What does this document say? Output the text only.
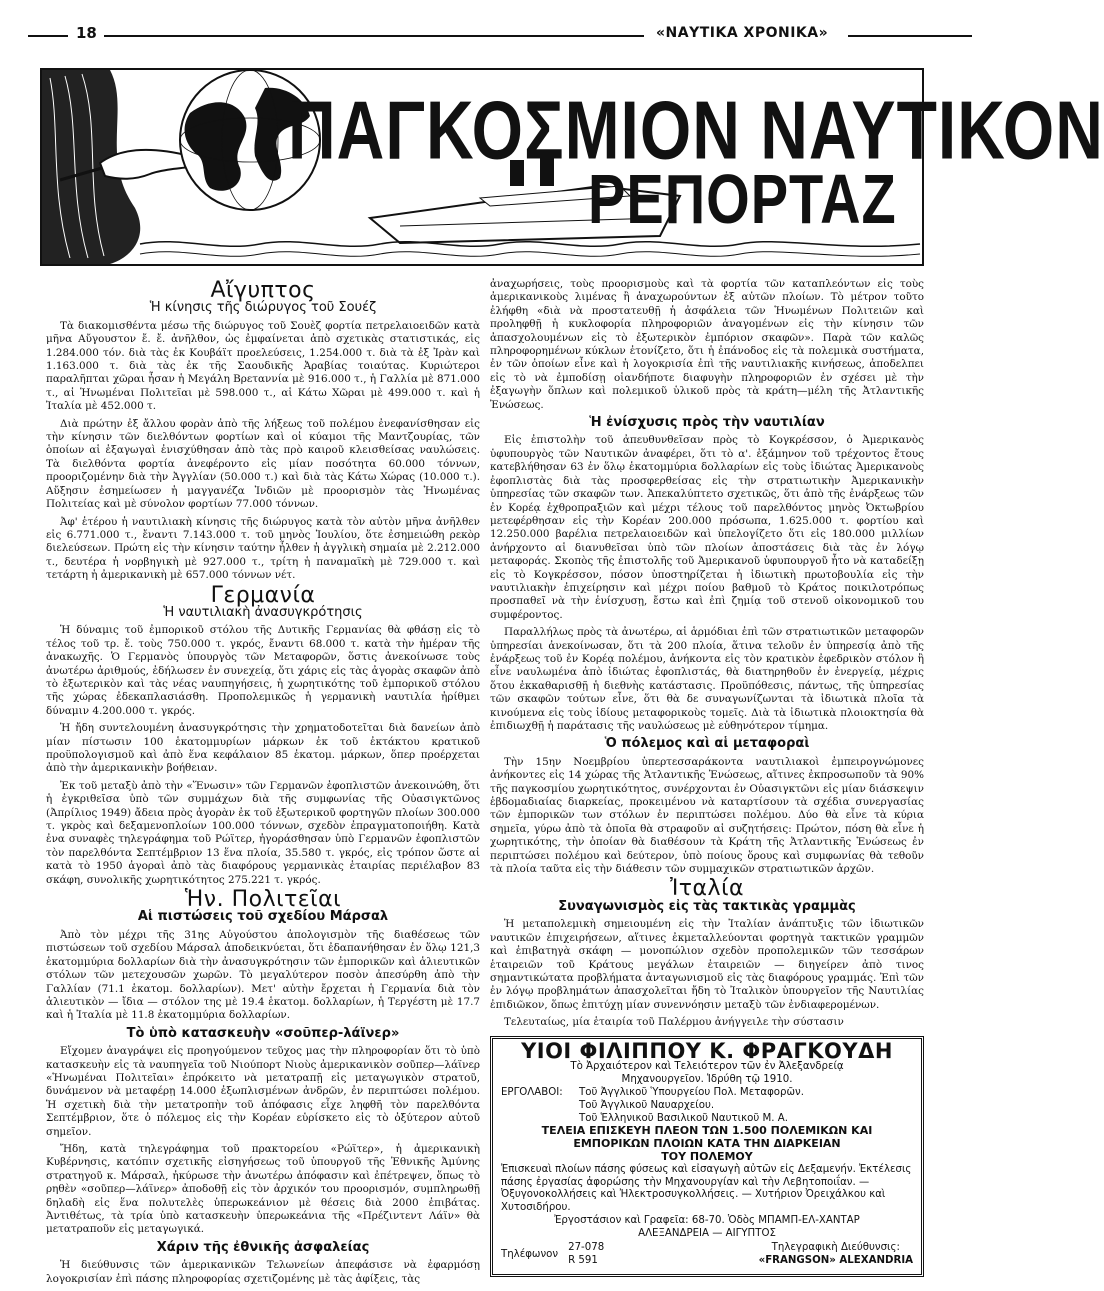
18	«ΝΑΥΤΙΚΑ ΧΡΟΝΙΚΑ»
ΠΑΓΚΟΣΜΙΟΝ ΝΑΥΤΙΚΟΝ
ΡΕΠΟΡΤΑΖ
Αἴγυπτος
Ἡ κίνησις τῆς διώρυγος τοῦ Σουέζ

Τὰ διακομισθέντα μέσω τῆς διώρυγος τοῦ Σουὲζ φορτία πετρελαιοειδῶν κατὰ μῆνα Αὔγουστον ἔ. ἔ. ἀνῆλθον, ὡς ἐμφαίνεται ἀπὸ σχετικὰς στατιστικάς, εἰς 1.284.000 τόν. διὰ τὰς ἐκ Κουβάϊτ προελεύσεις, 1.254.000 τ. διὰ τὰ ἐξ Ἰρὰν καὶ 1.163.000 τ. διὰ τὰς ἐκ τῆς Σαουδικῆς Ἀραβίας τοιαύτας. Κυριώτεροι παραλῆπται χῶραι ἦσαν ἡ Μεγάλη Βρεταννία μὲ 916.000 τ., ἡ Γαλλία μὲ 871.000 τ., αἱ Ἡνωμέναι Πολιτεῖαι μὲ 598.000 τ., αἱ Κάτω Χῶραι μὲ 499.000 τ. καὶ ἡ Ἰταλία μὲ 452.000 τ.

Διὰ πρώτην ἐξ ἄλλου φορὰν ἀπὸ τῆς λήξεως τοῦ πολέμου ἐνεφανίσθησαν εἰς τὴν κίνησιν τῶν διελθόντων φορτίων καὶ οἱ κύαμοι τῆς Μαντζουρίας, τῶν ὁποίων αἱ ἐξαγωγαὶ ἐνισχύθησαν ἀπὸ τὰς πρὸ καιροῦ κλεισθείσας ναυλώσεις. Τὰ διελθόντα φορτία ἀνεφέροντο εἰς μίαν ποσότητα 60.000 τόννων, προοριζομένην διὰ τὴν Ἀγγλίαν (50.000 τ.) καὶ διὰ τὰς Κάτω Χώρας (10.000 τ.). Αὔξησιν ἐσημείωσεν ἡ μαγγανέζα Ἰνδιῶν μὲ προορισμὸν τὰς Ἡνωμένας Πολιτείας καὶ μὲ σύνολον φορτίων 77.000 τόννων.

Ἀφ' ἑτέρου ἡ ναυτιλιακὴ κίνησις τῆς διώρυγος κατὰ τὸν αὐτὸν μῆνα ἀνῆλθεν εἰς 6.771.000 τ., ἔναντι 7.143.000 τ. τοῦ μηνὸς Ἰουλίου, ὅτε ἐσημειώθη ρεκὸρ διελεύσεων. Πρώτη εἰς τὴν κίνησιν ταύτην ἦλθεν ἡ ἀγγλικὴ σημαία μὲ 2.212.000 τ., δευτέρα ἡ νορβηγικὴ μὲ 927.000 τ., τρίτη ἡ παναμαϊκὴ μὲ 729.000 τ. καὶ τετάρτη ἡ ἀμερικανικὴ μὲ 657.000 τόννων νέτ.

Γερμανία
Ἡ ναυτιλιακὴ ἀνασυγκρότησις

Ἡ δύναμις τοῦ ἐμπορικοῦ στόλου τῆς Δυτικῆς Γερμανίας θὰ φθάσῃ εἰς τὸ τέλος τοῦ τρ. ἔ. τοὺς 750.000 τ. γκρός, ἔναντι 68.000 τ. κατὰ τὴν ἡμέραν τῆς ἀνακωχῆς. Ὁ Γερμανὸς ὑπουργὸς τῶν Μεταφορῶν, ὅστις ἀνεκοίνωσε τοὺς ἀνωτέρω ἀριθμούς, ἐδήλωσεν ἐν συνεχείᾳ, ὅτι χάρις εἰς τὰς ἀγορὰς σκαφῶν ἀπὸ τὸ ἐξωτερικὸν καὶ τὰς νέας ναυπηγήσεις, ἡ χωρητικότης τοῦ ἐμπορικοῦ στόλου τῆς χώρας ἐδεκαπλασιάσθη. Προπολεμικῶς ἡ γερμανικὴ ναυτιλία ἠρίθμει δύναμιν 4.200.000 τ. γκρός.

Ἡ ἤδη συντελουμένη ἀνασυγκρότησις τὴν χρηματοδοτεῖται διὰ δανείων ἀπὸ μίαν πίστωσιν 100 ἑκατομμυρίων μάρκων ἐκ τοῦ ἐκτάκτου κρατικοῦ προϋπολογισμοῦ καὶ ἀπὸ ἕνα κεφάλαιον 85 ἑκατομ. μάρκων, ὅπερ προέρχεται ἀπὸ τὴν ἀμερικανικὴν βοήθειαν.

Ἐκ τοῦ μεταξὺ ἀπὸ τὴν «Ἕνωσιν» τῶν Γερμανῶν ἐφοπλιστῶν ἀνεκοινώθη, ὅτι ἡ ἐγκριθεῖσα ὑπὸ τῶν συμμάχων διὰ τῆς συμφωνίας τῆς Οὐασιγκτῶνος (Ἀπρίλιος 1949) ἄδεια πρὸς ἀγορὰν ἐκ τοῦ ἐξωτερικοῦ φορτηγῶν πλοίων 300.000 τ. γκρὸς καὶ δεξαμενοπλοίων 100.000 τόννων, σχεδὸν ἐπραγματοποιήθη. Κατὰ ἐνα συναφὲς τηλεγράφημα τοῦ Ρώϊτερ, ἠγοράσθησαν ὑπὸ Γερμανῶν ἐφοπλιστῶν τὸν παρελθόντα Σεπτέμβριον 13 ἕνα πλοία, 35.580 τ. γκρός, εἰς τρόπον ὥστε αἱ κατὰ τὸ 1950 ἀγοραὶ ἀπὸ τὰς διαφόρους γερμανικὰς ἑταιρίας περιέλαβον 83 σκάφη, συνολικῆς χωρητικότητος 275.221 τ. γκρός.

Ἡν. Πολιτεῖαι
Αἱ πιστώσεις τοῦ σχεδίου Μάρσαλ

Ἀπὸ τὸν μέχρι τῆς 31ης Αὐγούστου ἀπολογισμὸν τῆς διαθέσεως τῶν πιστώσεων τοῦ σχεδίου Μάρσαλ ἀποδεικνύεται, ὅτι ἐδαπανήθησαν ἐν ὅλῳ 121,3 ἑκατομμύρια δολλαρίων διὰ τὴν ἀνασυγκρότησιν τῶν ἐμπορικῶν καὶ ἁλιευτικῶν στόλων τῶν μετεχουσῶν χωρῶν. Τὸ μεγαλύτερον ποσὸν ἀπεσύρθη ἀπὸ τὴν Γαλλίαν (71.1 ἑκατομ. δολλαρίων). Μετ' αὐτὴν ἔρχεται ἡ Γερμανία διὰ τὸν ἁλιευτικὸν — ἴδια — στόλον της μὲ 19.4 ἑκατομ. δολλαρίων, ἡ Τεργέστη μὲ 17.7 καὶ ἡ Ἰταλία μὲ 11.8 ἑκατομμύρια δολλαρίων.

Τὸ ὑπὸ κατασκευὴν «σοῦπερ-λάϊνερ»

Εἴχομεν ἀναγράψει εἰς προηγούμενον τεῦχος μας τὴν πληροφορίαν ὅτι τὸ ὑπὸ κατασκευὴν εἰς τὰ ναυπηγεῖα τοῦ Νιούπορτ Νιοὺς ἀμερικανικὸν σοῦπερ—λάϊνερ «Ἡνωμέναι Πολιτεῖαι» ἐπρόκειτο νὰ μετατραπῇ εἰς μεταγωγικὸν στρατοῦ, δυνάμενον νὰ μεταφέρῃ 14.000 ἐξωπλισμένων ἀνδρῶν, ἐν περιπτώσει πολέμου. Ἡ σχετικὴ διὰ τὴν μετατροπὴν τοῦ ἀπόφασις εἶχε ληφθῆ τὸν παρελθόντα Σεπτέμβριον, ὅτε ὁ πόλεμος εἰς τὴν Κορέαν εὑρίσκετο εἰς τὸ ὀξύτερον αὐτοῦ σημεῖον.

Ἤδη, κατὰ τηλεγράφημα τοῦ πρακτορείου «Ρώϊτερ», ἡ ἀμερικανικὴ Κυβέρνησις, κατόπιν σχετικῆς εἰσηγήσεως τοῦ ὑπουργοῦ τῆς Ἐθνικῆς Ἀμύνης στρατηγοῦ κ. Μάρσαλ, ἠκύρωσε τὴν ἀνωτέρω ἀπόφασιν καὶ ἐπέτρεψεν, ὅπως τὸ ρηθὲν «σοῦπερ—λάϊνερ» ἀποδοθῇ εἰς τὸν ἀρχικόν του προορισμόν, συμπληρωθῇ δηλαδὴ εἰς ἕνα πολυτελὲς ὑπερωκεάνιον μὲ θέσεις διὰ 2000 ἐπιβάτας. Ἀντιθέτως, τὰ τρία ὑπὸ κατασκευὴν ὑπερωκεάνια τῆς «Πρέζιντεντ Λάϊν» θὰ μετατραποῦν εἰς μεταγωγικά.

Χάριν τῆς ἐθνικῆς ἀσφαλείας

Ἡ διεύθυνσις τῶν ἀμερικανικῶν Τελωνείων ἀπεφάσισε νὰ ἐφαρμόσῃ λογοκρισίαν ἐπὶ πάσης πληροφορίας σχετιζομένης μὲ τὰς ἀφίξεις, τὰς

ἀναχωρήσεις, τοὺς προορισμοὺς καὶ τὰ φορτία τῶν καταπλεόντων εἰς τοὺς ἀμερικανικοὺς λιμένας ἢ ἀναχωρούντων ἐξ αὐτῶν πλοίων. Τὸ μέτρον τοῦτο ἐλήφθη «διὰ νὰ προστατευθῇ ἡ ἀσφάλεια τῶν Ἡνωμένων Πολιτειῶν καὶ προληφθῇ ἡ κυκλοφορία πληροφοριῶν ἀναγομένων εἰς τὴν κίνησιν τῶν ἀπασχολουμένων εἰς τὸ ἐξωτερικὸν ἐμπόριον σκαφῶν». Παρὰ τῶν καλῶς πληροφορημένων κύκλων ἐτονίζετο, ὅτι ἡ ἐπάνοδος εἰς τὰ πολεμικὰ συστήματα, ἐν τῶν ὁποίων εἶνε καὶ ἡ λογοκρισία ἐπὶ τῆς ναυτιλιακῆς κινήσεως, ἀποδελπει εἰς τὸ νὰ ἐμποδίσῃ οἱανδήποτε διαφυγὴν πληροφοριῶν ἐν σχέσει μὲ τὴν ἐξαγωγὴν ὅπλων καὶ πολεμικοῦ ὑλικοῦ πρὸς τὰ κράτη—μέλη τῆς Ἀτλαντικῆς Ἐνώσεως.

Ἡ ἐνίσχυσις πρὸς τὴν ναυτιλίαν

Εἰς ἐπιστολὴν τοῦ ἀπευθυνθεῖσαν πρὸς τὸ Κογκρέσσον, ὁ Ἀμερικανὸς ὑφυπουργὸς τῶν Ναυτικῶν ἀναφέρει, ὅτι τὸ α'. ἑξάμηνον τοῦ τρέχοντος ἔτους κατεβλήθησαν 63 ἐν ὅλῳ ἑκατομμύρια δολλαρίων εἰς τοὺς ἰδιώτας Ἀμερικανοὺς ἐφοπλιστὰς διὰ τὰς προσφερθείσας εἰς τὴν στρατιωτικὴν Ἀμερικανικὴν ὑπηρεσίας τῶν σκαφῶν των. Ἀπεκαλύπτετο σχετικῶς, ὅτι ἀπὸ τῆς ἐνάρξεως τῶν ἐν Κορέᾳ ἐχθροπραξιῶν καὶ μέχρι τέλους τοῦ παρελθόντος μηνὸς Ὀκτωβρίου μετεφέρθησαν εἰς τὴν Κορέαν 200.000 πρόσωπα, 1.625.000 τ. φορτίου καὶ 12.250.000 βαρέλια πετρελαιοειδῶν καὶ ὑπελογίζετο ὅτι εἰς 180.000 μιλλίων ἀνήρχοντο αἱ διανυθεῖσαι ὑπὸ τῶν πλοίων ἀποστάσεις διὰ τὰς ἐν λόγῳ μεταφοράς. Σκοπὸς τῆς ἐπιστολῆς τοῦ Ἀμερικανοῦ ὑφυπουργοῦ ἦτο νὰ καταδείξῃ εἰς τὸ Κογκρέσσον, πόσον ὑποστηρίζεται ἡ ἰδιωτικὴ πρωτοβουλία εἰς τὴν ναυτιλιακὴν ἐπιχείρησιν καὶ μέχρι ποίου βαθμοῦ τὸ Κράτος ποικιλοτρόπως προσπαθεῖ νὰ τὴν ἐνίσχυσῃ, ἔστω καὶ ἐπὶ ζημίᾳ τοῦ στενοῦ οἰκονομικοῦ του συμφέροντος.

Παραλλήλως πρὸς τὰ ἀνωτέρω, αἱ ἁρμόδιαι ἐπὶ τῶν στρατιωτικῶν μεταφορῶν ὑπηρεσίαι ἀνεκοίνωσαν, ὅτι τὰ 200 πλοία, ἅτινα τελοῦν ἐν ὑπηρεσίᾳ ἀπὸ τῆς ἐνάρξεως τοῦ ἐν Κορέᾳ πολέμου, ἀνήκοντα εἰς τὸν κρατικὸν ἐφεδρικὸν στόλον ἢ εἶνε ναυλωμένα ἀπὸ ἰδιώτας ἐφοπλιστάς, θὰ διατηρηθοῦν ἐν ἐνεργείᾳ, μέχρις ὅτου ἐκκαθαρισθῇ ἡ διεθνὴς κατάστασις. Προϋπόθεσις, πάντως, τῆς ὑπηρεσίας τῶν σκαφῶν τούτων εἶνε, ὅτι θὰ δε συναγωνίζωνται τὰ ἰδιωτικὰ πλοῖα τὰ κινούμενα εἰς τοὺς ἰδίους μεταφορικοὺς τομεῖς. Διὰ τὰ ἰδιωτικὰ πλοιοκτησία θὰ ἐπιδιωχθῇ ἡ παράτασις τῆς ναυλώσεως μὲ εὐθηνότερον τίμημα.

Ὁ πόλεμος καὶ αἱ μεταφοραὶ

Τὴν 15ην Νοεμβρίου ὑπερτεσσαράκοντα ναυτιλιακοὶ ἐμπειρογνώμονες ἀνήκοντες εἰς 14 χώρας τῆς Ἀτλαντικῆς Ἐνώσεως, αἵτινες ἐκπροσωποῦν τὰ 90% τῆς παγκοσμίου χωρητικότητος, συνέρχονται ἐν Οὐασιγκτῶνι εἰς μίαν διάσκεψιν ἑβδομαδιαίας διαρκείας, προκειμένου νὰ καταρτίσουν τὰ σχέδια συνεργασίας τῶν ἐμπορικῶν των στόλων ἐν περιπτώσει πολέμου. Δύο θὰ εἶνε τὰ κύρια σημεῖα, γύρω ἀπὸ τὰ ὁποῖα θὰ στραφοῦν αἱ συζητήσεις: Πρώτον, πόση θὰ εἶνε ἡ χωρητικότης, τὴν ὁποίαν θὰ διαθέσουν τὰ Κράτη τῆς Ἀτλαντικῆς Ἑνώσεως ἐν περιπτώσει πολέμου καὶ δεύτερον, ὑπὸ ποίους ὅρους καὶ συμφωνίας θὰ τεθοῦν τὰ πλοία ταῦτα εἰς τὴν διάθεσιν τῶν συμμαχικῶν στρατιωτικῶν ἀρχῶν.

Ἰταλία
Συναγωνισμὸς εἰς τὰς τακτικὰς γραμμὰς

Ἡ μεταπολεμικὴ σημειουμένη εἰς τὴν Ἰταλίαν ἀνάπτυξις τῶν ἰδιωτικῶν ναυτικῶν ἐπιχειρήσεων, αἵτινες ἐκμεταλλεύονται φορτηγὰ τακτικῶν γραμμῶν καὶ ἐπιβατηγὰ σκάφη — μονοπώλιον σχεδὸν προπολεμικῶν τῶν τεσσάρων ἑταιρειῶν τοῦ Κράτους μεγάλων ἑταιρειῶν — διηγείρεν ἀπὸ τινος σημαντικώτατα προβλήματα ἀνταγωνισμοῦ εἰς τὰς διαφόρους γραμμάς. Ἐπὶ τῶν ἐν λόγῳ προβλημάτων ἀπασχολεῖται ἤδη τὸ Ἰταλικὸν ὑπουργεῖον τῆς Ναυτιλίας ἐπιδιῶκον, ὅπως ἐπιτύχῃ μίαν συνεννόησιν μεταξὺ τῶν ἐνδιαφερομένων.

Τελευταίως, μία ἑταιρία τοῦ Παλέρμου ἀνήγγειλε τὴν σύστασιν

ΥΙΟΙ ΦΙΛΙΠΠΟΥ Κ. ΦΡΑΓΚΟΥΔΗ
Τὸ Ἀρχαιότερον καὶ Τελειότερον τῶν ἐν Ἀλεξανδρείᾳ
Μηχανουργεῖον. Ἱδρύθη τῷ 1910.
ΕΡΓΟΛΑΒΟΙ:	Τοῦ Ἀγγλικοῦ Ὑπουργείου Πολ. Μεταφορῶν.
Τοῦ Ἀγγλικοῦ Ναυαρχείου.
Τοῦ Ἑλληνικοῦ Βασιλικοῦ Ναυτικοῦ Μ. Α.
ΤΕΛΕΙΑ ΕΠΙΣΚΕΥΗ ΠΛΕΟΝ ΤΩΝ 1.500 ΠΟΛΕΜΙΚΩΝ ΚΑΙ
ΕΜΠΟΡΙΚΩΝ ΠΛΟΙΩΝ ΚΑΤΑ ΤΗΝ ΔΙΑΡΚΕΙΑΝ
ΤΟΥ ΠΟΛΕΜΟΥ
Ἐπισκευαὶ πλοίων πάσης φύσεως καὶ εἰσαγωγὴ αὐτῶν εἰς Δεξαμενήν. Ἐκτέλεσις πάσης ἐργασίας ἀφορώσης τὴν Μηχανουργίαν καὶ τὴν Λεβητοποιΐαν. — Ὀξυγονοκολλήσεις καὶ Ἠλεκτροσυγκολλήσεις. — Χυτήριον Ὀρειχάλκου καὶ Χυτοσιδήρου.
Ἐργοστάσιον καὶ Γραφεῖα: 68-70. Ὁδὸς ΜΠΑΜΠ-ΕΛ-ΧΑΝΤΑΡ
ΑΛΕΞΑΝΔΡΕΙΑ — ΑΙΓΥΠΤΟΣ
Τηλέφωνον
27-078
R 591
Τηλεγραφικὴ Διεύθυνσις:
«FRANGSON» ALEXANDRIA
